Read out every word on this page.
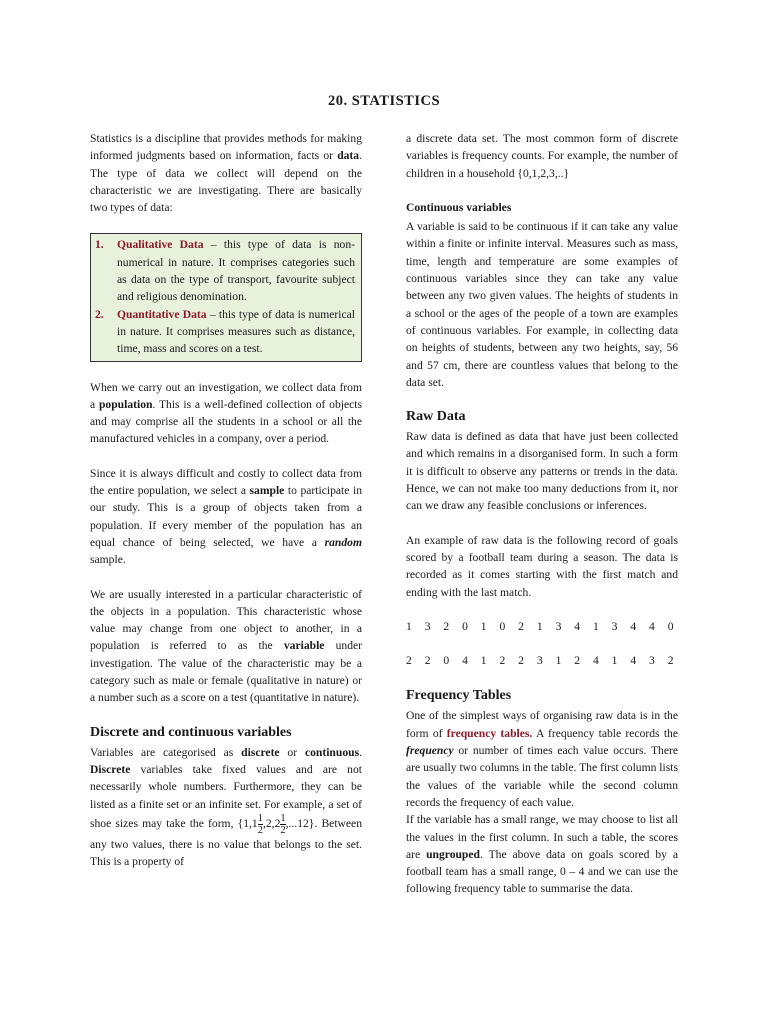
20. STATISTICS

Statistics is a discipline that provides methods for making informed judgments based on information, facts or data. The type of data we collect will depend on the characteristic we are investigating. There are basically two types of data:

1.	Qualitative Data – this type of data is non-numerical in nature. It comprises categories such as data on the type of transport, favourite subject and religious denomination.
2.	Quantitative Data – this type of data is numerical in nature. It comprises measures such as distance, time, mass and scores on a test.

When we carry out an investigation, we collect data from a population. This is a well-defined collection of objects and may comprise all the students in a school or all the manufactured vehicles in a company, over a period.

Since it is always difficult and costly to collect data from the entire population, we select a sample to participate in our study. This is a group of objects taken from a population. If every member of the population has an equal chance of being selected, we have a random sample.

We are usually interested in a particular characteristic of the objects in a population. This characteristic whose value may change from one object to another, in a population is referred to as the variable under investigation. The value of the characteristic may be a category such as male or female (qualitative in nature) or a number such as a score on a test (quantitative in nature).

Discrete and continuous variables

Variables are categorised as discrete or continuous. Discrete variables take fixed values and are not necessarily whole numbers. Furthermore, they can be listed as a finite set or an infinite set. For example, a set of shoe sizes may take the form, $\{1,1 \frac{1}{2} ,2,2 \frac{1}{2} ,...12\}$. Between any two values, there is no value that belongs to the set. This is a property of

a discrete data set. The most common form of discrete variables is frequency counts. For example, the number of children in a household {0,1,2,3,..}

Continuous variables

A variable is said to be continuous if it can take any value within a finite or infinite interval. Measures such as mass, time, length and temperature are some examples of continuous variables since they can take any value between any two given values. The heights of students in a school or the ages of the people of a town are examples of continuous variables. For example, in collecting data on heights of students, between any two heights, say, 56 and 57 cm, there are countless values that belong to the data set.

Raw Data

Raw data is defined as data that have just been collected and which remains in a disorganised form. In such a form it is difficult to observe any patterns or trends in the data. Hence, we can not make too many deductions from it, nor can we draw any feasible conclusions or inferences.

An example of raw data is the following record of goals scored by a football team during a season. The data is recorded as it comes starting with the first match and ending with the last match.

1 3 2 0 1 0 2 1 3 4 1 3 4 4 0

2 2 0 4 1 2 2 3 1 2 4 1 4 3 2

Frequency Tables

One of the simplest ways of organising raw data is in the form of frequency tables. A frequency table records the frequency or number of times each value occurs. There are usually two columns in the table. The first column lists the values of the variable while the second column records the frequency of each value.

If the variable has a small range, we may choose to list all the values in the first column. In such a table, the scores are ungrouped. The above data on goals scored by a football team has a small range, 0 – 4 and we can use the following frequency table to summarise the data.
